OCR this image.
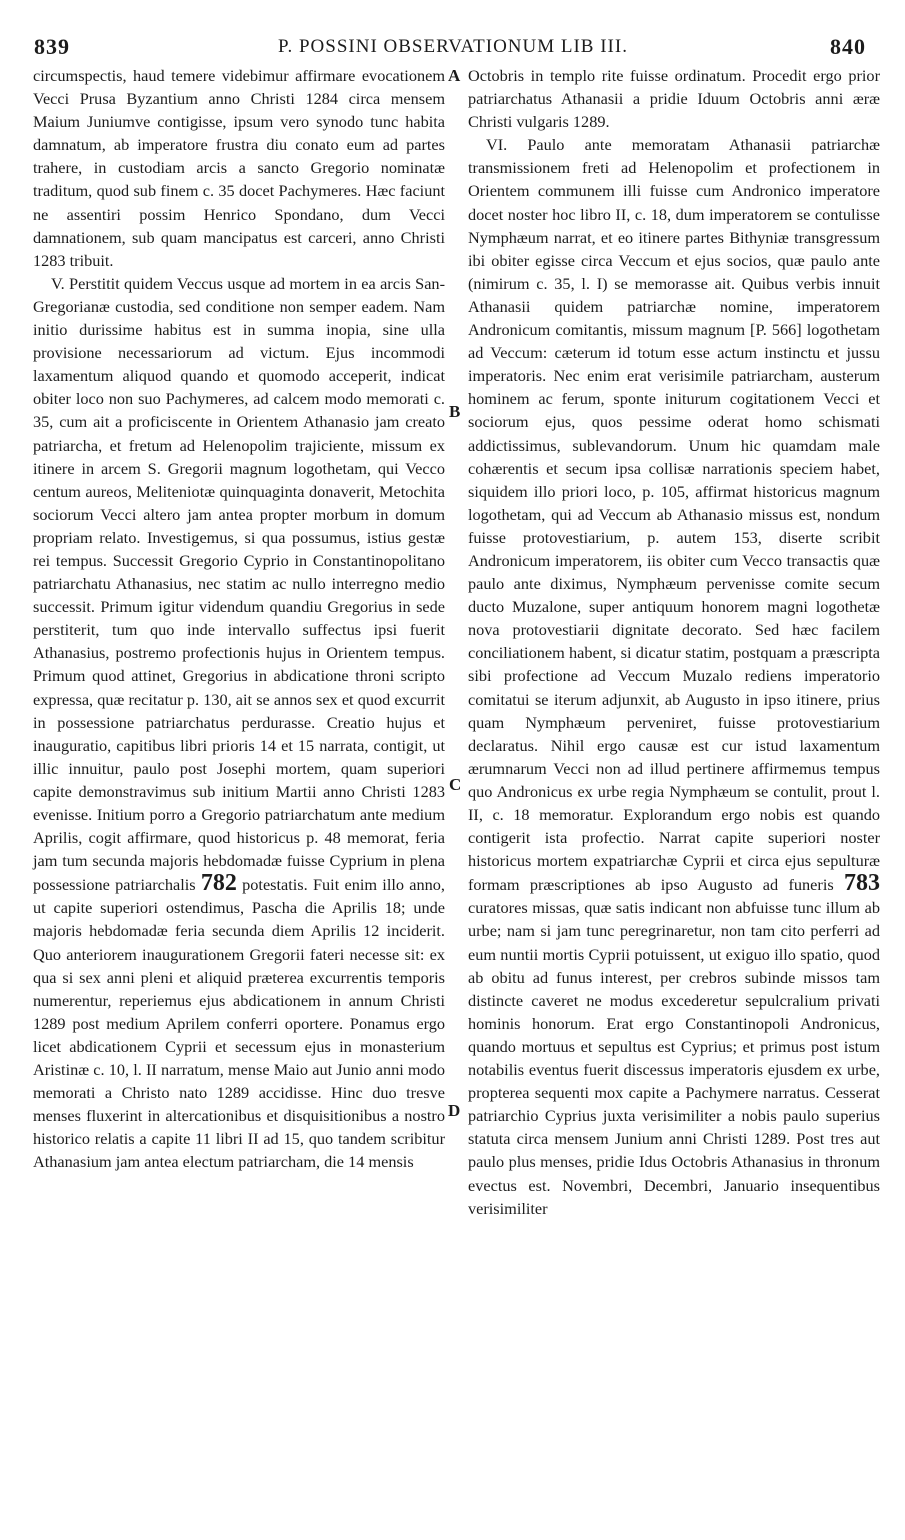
839	P. POSSINI OBSERVATIONUM LIB III.	840
A
B
C
D

circumspectis, haud temere videbimur affirmare evocationem Vecci Prusa Byzantium anno Christi 1284 circa mensem Maium Juniumve contigisse, ipsum vero synodo tunc habita damnatum, ab imperatore frustra diu conato eum ad partes trahere, in custodiam arcis a sancto Gregorio nominatæ traditum, quod sub finem c. 35 docet Pachymeres. Hæc faciunt ne assentiri possim Henrico Spondano, dum Vecci damnationem, sub quam mancipatus est carceri, anno Christi 1283 tribuit.

V. Perstitit quidem Veccus usque ad mortem in ea arcis San-Gregorianæ custodia, sed conditione non semper eadem. Nam initio durissime habitus est in summa inopia, sine ulla provisione necessariorum ad victum. Ejus incommodi laxamentum aliquod quando et quomodo acceperit, indicat obiter loco non suo Pachymeres, ad calcem modo memorati c. 35, cum ait a proficiscente in Orientem Athanasio jam creato patriarcha, et fretum ad Helenopolim trajiciente, missum ex itinere in arcem S. Gregorii magnum logothetam, qui Vecco centum aureos, Meliteniotæ quinquaginta donaverit, Metochita sociorum Vecci altero jam antea propter morbum in domum propriam relato. Investigemus, si qua possumus, istius gestæ rei tempus. Successit Gregorio Cyprio in Constantinopolitano patriarchatu Athanasius, nec statim ac nullo interregno medio successit. Primum igitur videndum quandiu Gregorius in sede perstiterit, tum quo inde intervallo suffectus ipsi fuerit Athanasius, postremo profectionis hujus in Orientem tempus. Primum quod attinet, Gregorius in abdicatione throni scripto expressa, quæ recitatur p. 130, ait se annos sex et quod excurrit in possessione patriarchatus perdurasse. Creatio hujus et inauguratio, capitibus libri prioris 14 et 15 narrata, contigit, ut illic innuitur, paulo post Josephi mortem, quam superiori capite demonstravimus sub initium Martii anno Christi 1283 evenisse. Initium porro a Gregorio patriarchatum ante medium Aprilis, cogit affirmare, quod historicus p. 48 memorat, feria jam tum secunda majoris hebdomadæ fuisse Cyprium in plena possessione patriarchalis 782 potestatis. Fuit enim illo anno, ut capite superiori ostendimus, Pascha die Aprilis 18; unde majoris hebdomadæ feria secunda diem Aprilis 12 inciderit. Quo anteriorem inaugurationem Gregorii fateri necesse sit: ex qua si sex anni pleni et aliquid præterea excurrentis temporis numerentur, reperiemus ejus abdicationem in annum Christi 1289 post medium Aprilem conferri oportere. Ponamus ergo licet abdicationem Cyprii et secessum ejus in monasterium Aristinæ c. 10, l. II narratum, mense Maio aut Junio anni modo memorati a Christo nato 1289 accidisse. Hinc duo tresve menses fluxerint in altercationibus et disquisitionibus a nostro historico relatis a capite 11 libri II ad 15, quo tandem scribitur Athanasium jam antea electum patriarcham, die 14 mensis

Octobris in templo rite fuisse ordinatum. Procedit ergo prior patriarchatus Athanasii a pridie Iduum Octobris anni æræ Christi vulgaris 1289.

VI. Paulo ante memoratam Athanasii patriarchæ transmissionem freti ad Helenopolim et profectionem in Orientem communem illi fuisse cum Andronico imperatore docet noster hoc libro II, c. 18, dum imperatorem se contulisse Nymphæum narrat, et eo itinere partes Bithyniæ transgressum ibi obiter egisse circa Veccum et ejus socios, quæ paulo ante (nimirum c. 35, l. I) se memorasse ait. Quibus verbis innuit Athanasii quidem patriarchæ nomine, imperatorem Andronicum comitantis, missum magnum [P. 566] logothetam ad Veccum: cæterum id totum esse actum instinctu et jussu imperatoris. Nec enim erat verisimile patriarcham, austerum hominem ac ferum, sponte initurum cogitationem Vecci et sociorum ejus, quos pessime oderat homo schismati addictissimus, sublevandorum. Unum hic quamdam male cohærentis et secum ipsa collisæ narrationis speciem habet, siquidem illo priori loco, p. 105, affirmat historicus magnum logothetam, qui ad Veccum ab Athanasio missus est, nondum fuisse protovestiarium, p. autem 153, diserte scribit Andronicum imperatorem, iis obiter cum Vecco transactis quæ paulo ante diximus, Nymphæum pervenisse comite secum ducto Muzalone, super antiquum honorem magni logothetæ nova protovestiarii dignitate decorato. Sed hæc facilem conciliationem habent, si dicatur statim, postquam a præscripta sibi profectione ad Veccum Muzalo rediens imperatorio comitatui se iterum adjunxit, ab Augusto in ipso itinere, prius quam Nymphæum perveniret, fuisse protovestiarium declaratus. Nihil ergo causæ est cur istud laxamentum ærumnarum Vecci non ad illud pertinere affirmemus tempus quo Andronicus ex urbe regia Nymphæum se contulit, prout l. II, c. 18 memoratur. Explorandum ergo nobis est quando contigerit ista profectio. Narrat capite superiori noster historicus mortem expatriarchæ Cyprii et circa ejus sepulturæ formam præscriptiones ab ipso Augusto ad funeris 783 curatores missas, quæ satis indicant non abfuisse tunc illum ab urbe; nam si jam tunc peregrinaretur, non tam cito perferri ad eum nuntii mortis Cyprii potuissent, ut exiguo illo spatio, quod ab obitu ad funus interest, per crebros subinde missos tam distincte caveret ne modus excederetur sepulcralium privati hominis honorum. Erat ergo Constantinopoli Andronicus, quando mortuus et sepultus est Cyprius; et primus post istum notabilis eventus fuerit discessus imperatoris ejusdem ex urbe, propterea sequenti mox capite a Pachymere narratus. Cesserat patriarchio Cyprius juxta verisimiliter a nobis paulo superius statuta circa mensem Junium anni Christi 1289. Post tres aut paulo plus menses, pridie Idus Octobris Athanasius in thronum evectus est. Novembri, Decembri, Januario insequentibus verisimiliter
